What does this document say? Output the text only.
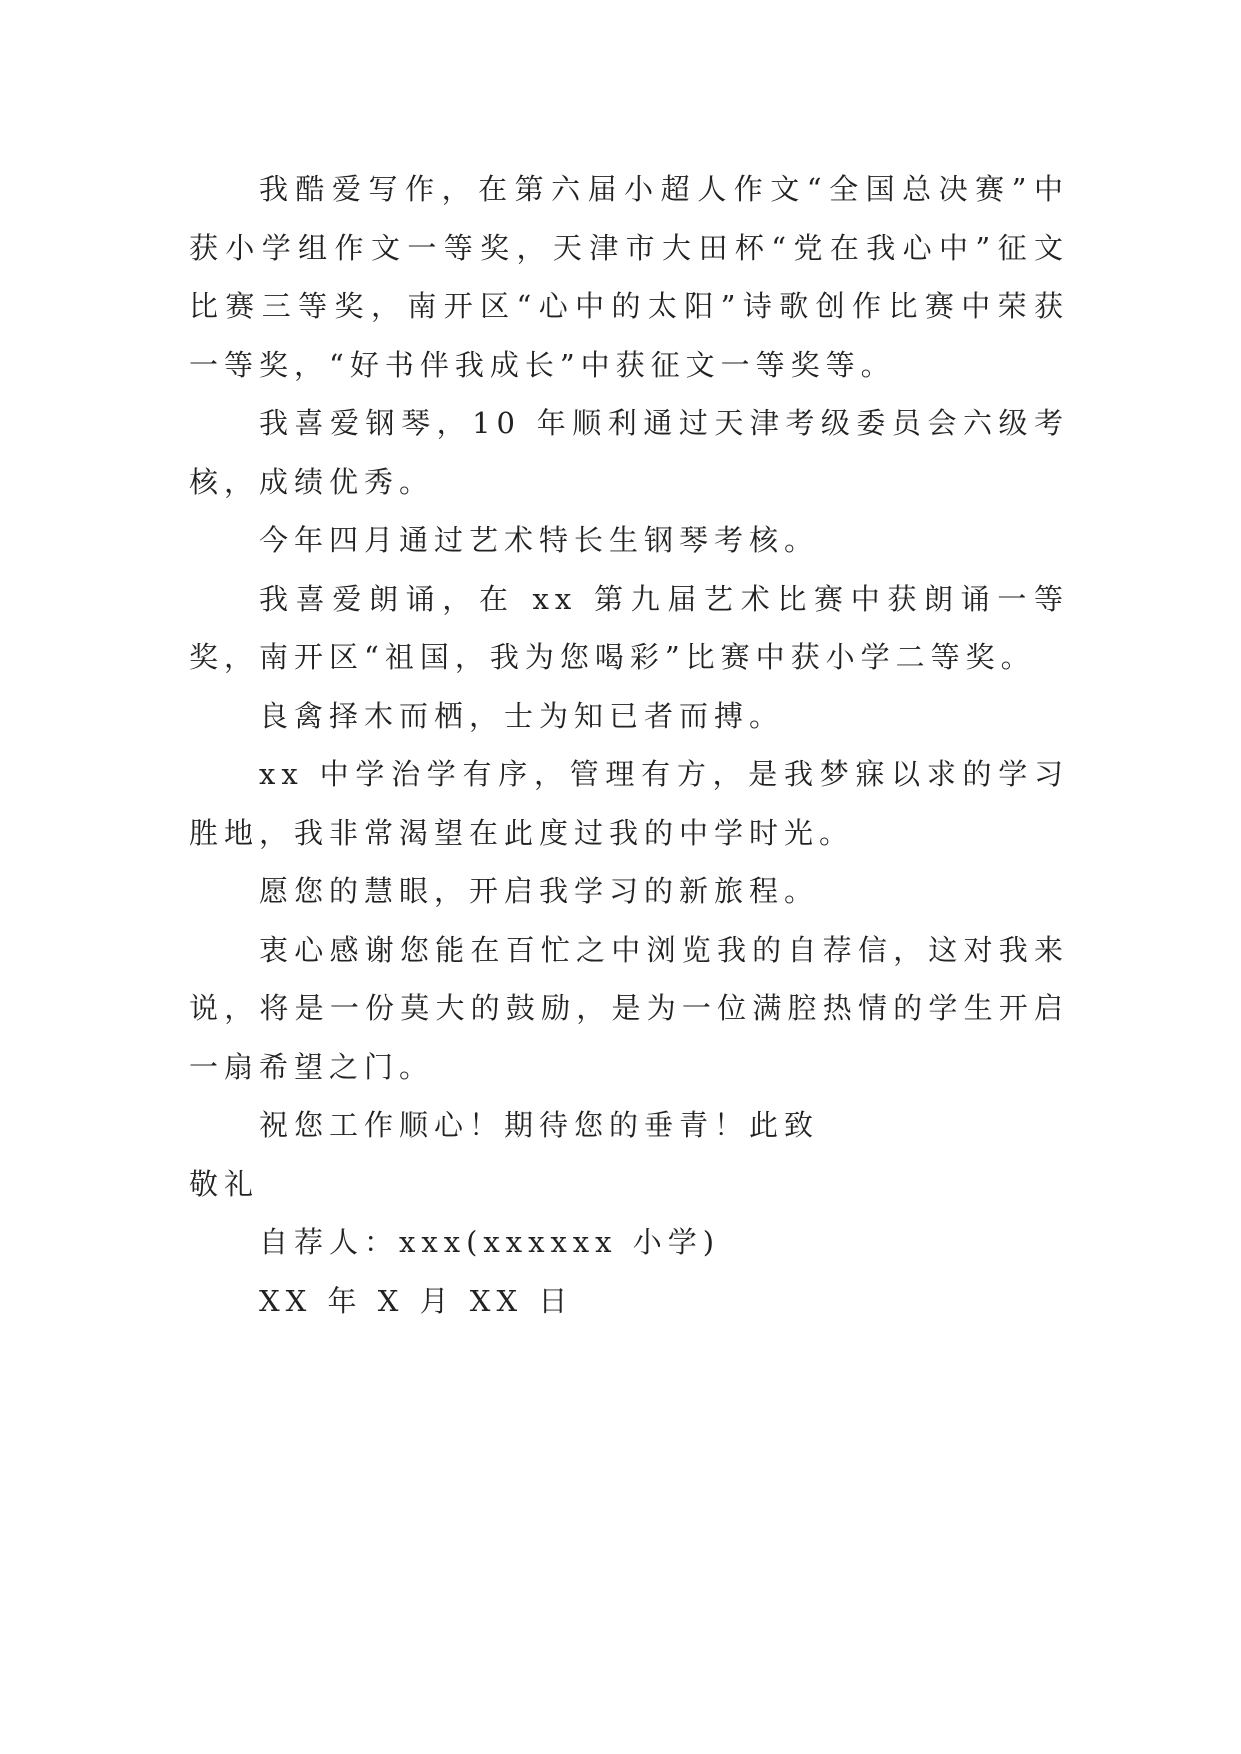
我酷爱写作，在第六届小超人作文“全国总决赛”中获小学组作文一等奖，天津市大田杯“党在我心中”征文比赛三等奖，南开区“心中的太阳”诗歌创作比赛中荣获一等奖，“好书伴我成长”中获征文一等奖等。

我喜爱钢琴，10 年顺利通过天津考级委员会六级考核，成绩优秀。

今年四月通过艺术特长生钢琴考核。

我喜爱朗诵，在 xx 第九届艺术比赛中获朗诵一等奖，南开区“祖国，我为您喝彩”比赛中获小学二等奖。

良禽择木而栖，士为知已者而搏。

xx 中学治学有序，管理有方，是我梦寐以求的学习胜地，我非常渴望在此度过我的中学时光。

愿您的慧眼，开启我学习的新旅程。

衷心感谢您能在百忙之中浏览我的自荐信，这对我来说，将是一份莫大的鼓励，是为一位满腔热情的学生开启一扇希望之门。

祝您工作顺心！期待您的垂青！此致

敬礼

自荐人：xxx(xxxxxx 小学)

XX 年 X 月 XX 日
